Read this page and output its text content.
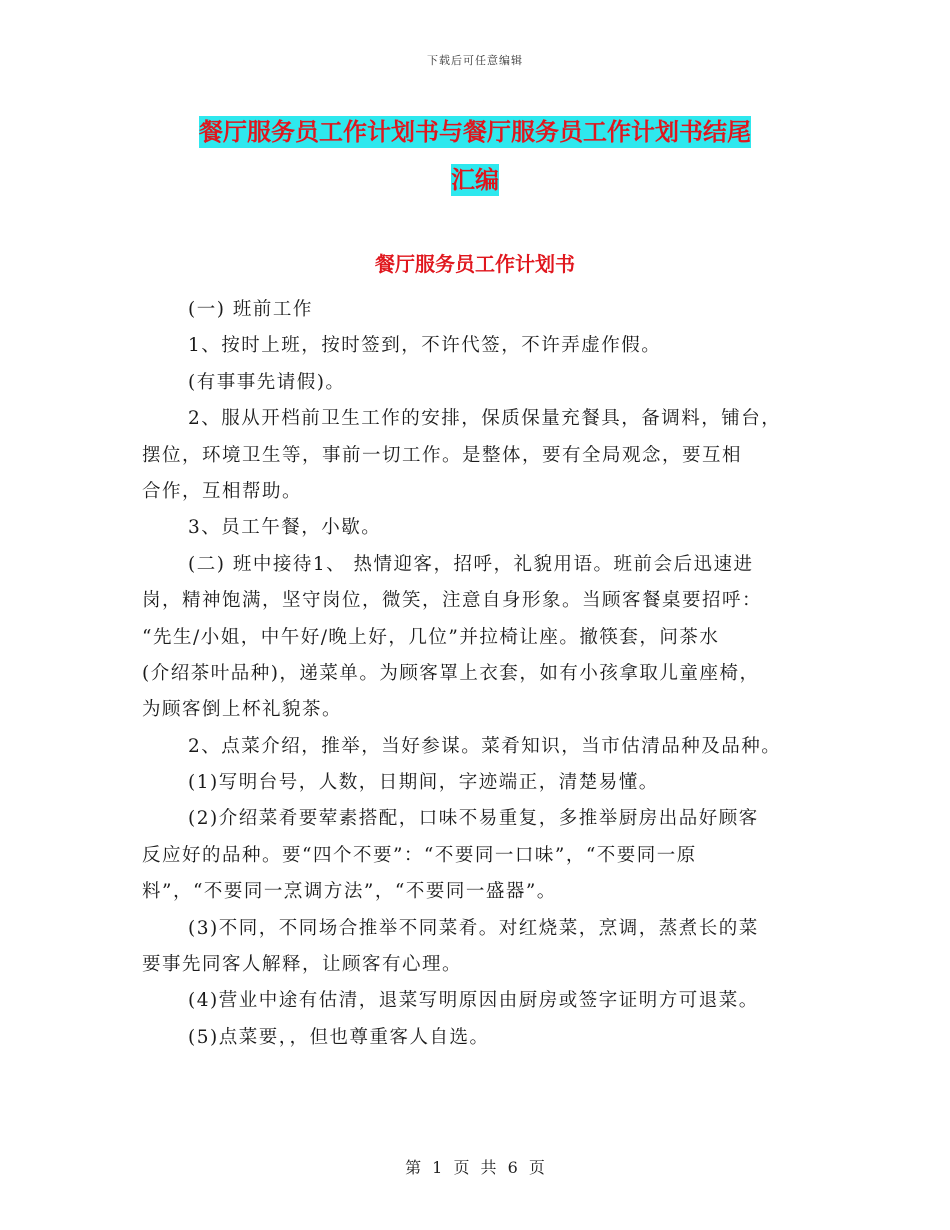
下载后可任意编辑
餐厅服务员工作计划书与餐厅服务员工作计划书结尾
汇编
餐厅服务员工作计划书
(一) 班前工作
1、按时上班，按时签到，不许代签，不许弄虚作假。
(有事事先请假)。
2、服从开档前卫生工作的安排，保质保量充餐具，备调料，铺台，
摆位，环境卫生等，事前一切工作。是整体，要有全局观念，要互相
合作，互相帮助。
3、员工午餐，小歇。
(二) 班中接待1、 热情迎客，招呼，礼貌用语。班前会后迅速进
岗，精神饱满，坚守岗位，微笑，注意自身形象。当顾客餐桌要招呼：
“先生/小姐，中午好/晚上好，几位”并拉椅让座。撤筷套，问茶水
(介绍茶叶品种)，递菜单。为顾客罩上衣套，如有小孩拿取儿童座椅，
为顾客倒上杯礼貌茶。
2、点菜介绍，推举，当好参谋。菜肴知识，当市估清品种及品种。
(1)写明台号，人数，日期间，字迹端正，清楚易懂。
(2)介绍菜肴要荤素搭配，口味不易重复，多推举厨房出品好顾客
反应好的品种。要“四个不要”：“不要同一口味”，“不要同一原
料”，“不要同一烹调方法”，“不要同一盛器”。
(3)不同，不同场合推举不同菜肴。对红烧菜，烹调，蒸煮长的菜
要事先同客人解释，让顾客有心理。
(4)营业中途有估清，退菜写明原因由厨房或签字证明方可退菜。
(5)点菜要，，但也尊重客人自选。
第 1 页 共 6 页
